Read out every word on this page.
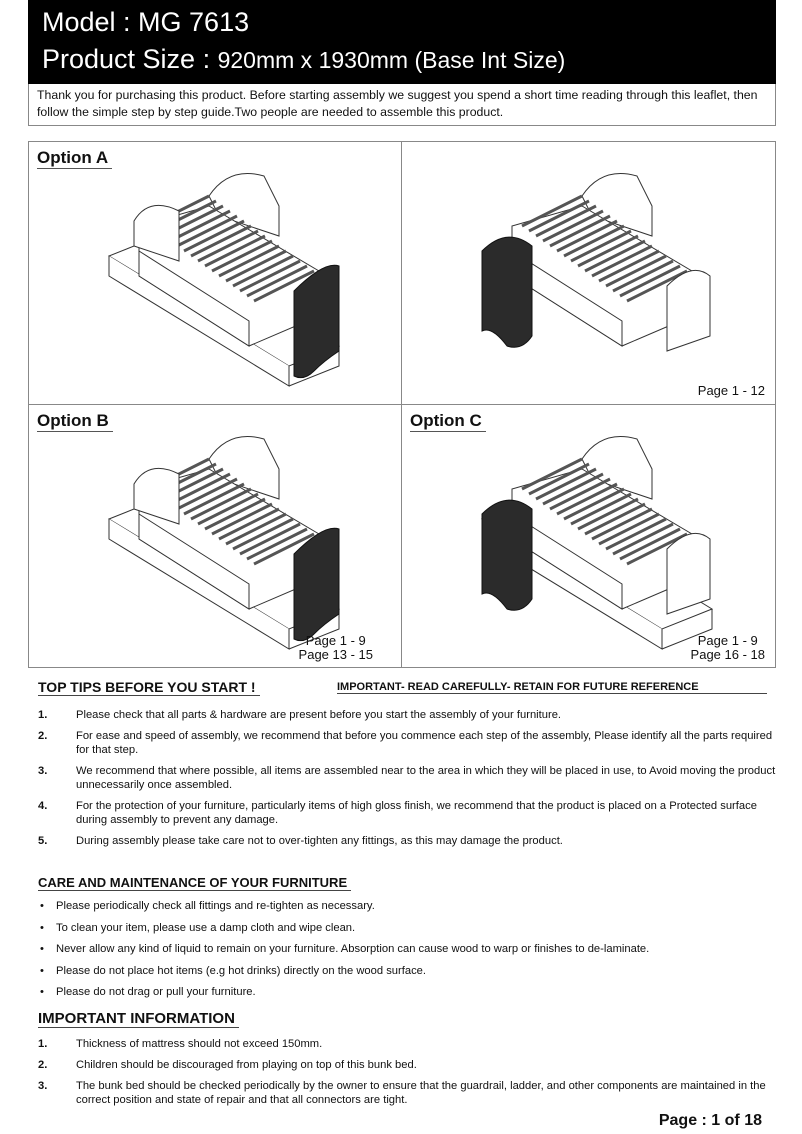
Model : MG 7613
Product Size : 920mm x 1930mm (Base Int Size)
Thank you for purchasing this product. Before starting assembly we suggest you spend a short time reading through this leaflet, then follow the simple step by step guide.Two people are needed to assemble this product.
Option A
Page 1 - 12
Option B
Page 1 - 9
Page 13 - 15
Option C
Page 1 - 9
Page 16 - 18
TOP TIPS BEFORE YOU START !	IMPORTANT- READ CAREFULLY- RETAIN FOR FUTURE REFERENCE
1.	Please check that all parts & hardware are present before you start the assembly of your furniture.
2.	For ease and speed of assembly, we recommend that before you commence each step of the assembly, Please identify all the parts required for that step.
3.	We recommend that where possible, all items are assembled near to the area in which they will be placed in use, to Avoid moving the product unnecessarily once assembled.
4.	For the protection of your furniture, particularly items of high gloss finish, we recommend that the product is placed on a Protected surface during assembly to prevent any damage.
5.	During assembly please take care not to over-tighten any fittings, as this may damage the product.
CARE AND MAINTENANCE OF YOUR FURNITURE
• Please periodically check all fittings and re-tighten as necessary.
• To clean your item, please use a damp cloth and wipe clean.
• Never allow any kind of liquid to remain on your furniture. Absorption can cause wood to warp or finishes to de-laminate.
• Please do not place hot items (e.g hot drinks) directly on the wood surface.
• Please do not drag or pull your furniture.
IMPORTANT INFORMATION
1.	Thickness of mattress should not exceed 150mm.
2.	Children should be discouraged from playing on top of this bunk bed.
3.	The bunk bed should be checked periodically by the owner to ensure that the guardrail, ladder, and other components are maintained in the correct position and state of repair and that all connectors are tight.
Page : 1 of 18
